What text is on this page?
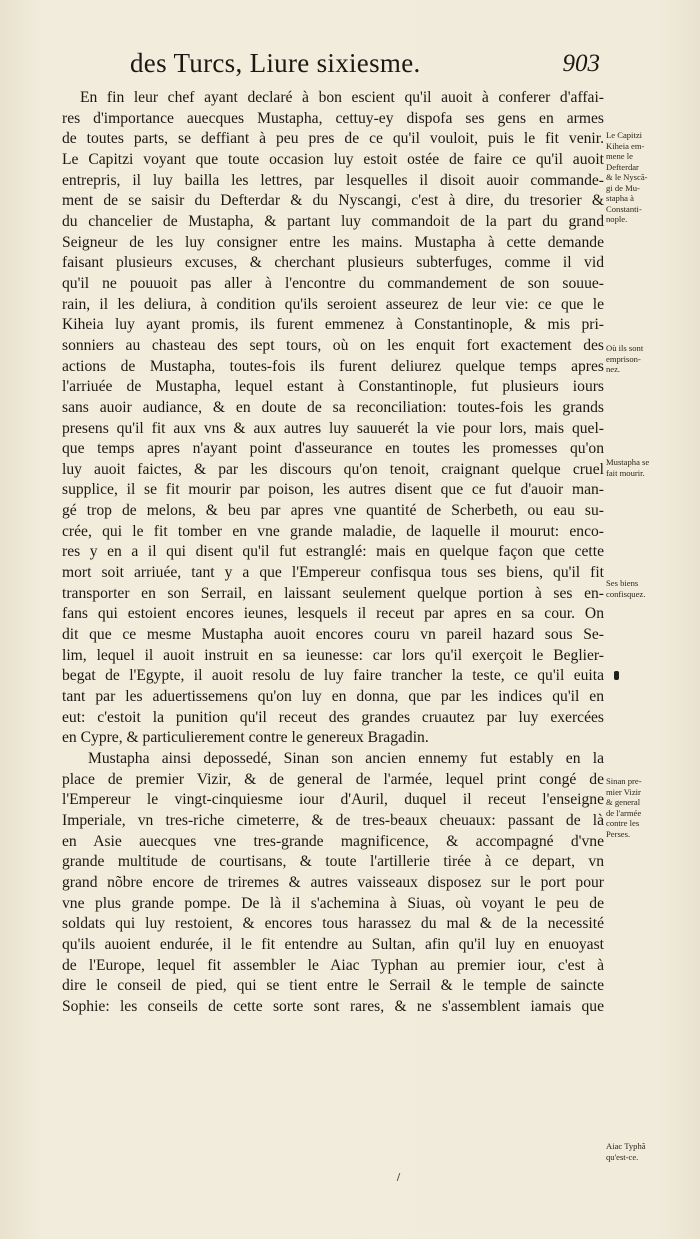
des Turcs, Liure sixiesme.	903
En fin leur chef ayant declaré à bon escient qu'il auoit à conferer d'affai-
res d'importance auecques Mustapha, cettuy-ey dispofa ses gens en armes
de toutes parts, se deffiant à peu pres de ce qu'il vouloit, puis le fit venir.
Le Capitzi voyant que toute occasion luy estoit ostée de faire ce qu'il auoit
entrepris, il luy bailla les lettres, par lesquelles il disoit auoir commande-
ment de se saisir du Defterdar & du Nyscangi, c'est à dire, du tresorier &
du chancelier de Mustapha, & partant luy commandoit de la part du grand
Seigneur de les luy consigner entre les mains. Mustapha à cette demande
faisant plusieurs excuses, & cherchant plusieurs subterfuges, comme il vid
qu'il ne pouuoit pas aller à l'encontre du commandement de son souue-
rain, il les deliura, à condition qu'ils seroient asseurez de leur vie: ce que le
Kiheia luy ayant promis, ils furent emmenez à Constantinople, & mis pri-
sonniers au chasteau des sept tours, où on les enquit fort exactement des
actions de Mustapha, toutes-fois ils furent deliurez quelque temps apres
l'arriuée de Mustapha, lequel estant à Constantinople, fut plusieurs iours
sans auoir audiance, & en doute de sa reconciliation: toutes-fois les grands
presens qu'il fit aux vns & aux autres luy sauuerét la vie pour lors, mais quel-
que temps apres n'ayant point d'asseurance en toutes les promesses qu'on
luy auoit faictes, & par les discours qu'on tenoit, craignant quelque cruel
supplice, il se fit mourir par poison, les autres disent que ce fut d'auoir man-
gé trop de melons, & beu par apres vne quantité de Scherbeth, ou eau su-
crée, qui le fit tomber en vne grande maladie, de laquelle il mourut: enco-
res y en a il qui disent qu'il fut estranglé: mais en quelque façon que cette
mort soit arriuée, tant y a que l'Empereur confisqua tous ses biens, qu'il fit
transporter en son Serrail, en laissant seulement quelque portion à ses en-
fans qui estoient encores ieunes, lesquels il receut par apres en sa cour. On
dit que ce mesme Mustapha auoit encores couru vn pareil hazard sous Se-
lim, lequel il auoit instruit en sa ieunesse: car lors qu'il exerçoit le Beglier-
begat de l'Egypte, il auoit resolu de luy faire trancher la teste, ce qu'il euita
tant par les aduertissemens qu'on luy en donna, que par les indices qu'il en
eut: c'estoit la punition qu'il receut des grandes cruautez par luy exercées
en Cypre, & particulierement contre le genereux Bragadin.
Mustapha ainsi depossedé, Sinan son ancien ennemy fut estably en la
place de premier Vizir, & de general de l'armée, lequel print congé de
l'Empereur le vingt-cinquiesme iour d'Auril, duquel il receut l'enseigne
Imperiale, vn tres-riche cimeterre, & de tres-beaux cheuaux: passant de là
en Asie auecques vne tres-grande magnificence, & accompagné d'vne
grande multitude de courtisans, & toute l'artillerie tirée à ce depart, vn
grand nõbre encore de triremes & autres vaisseaux disposez sur le port pour
vne plus grande pompe. De là il s'achemina à Siuas, où voyant le peu de
soldats qui luy restoient, & encores tous harassez du mal & de la necessité
qu'ils auoient endurée, il le fit entendre au Sultan, afin qu'il luy en enuoyast
de l'Europe, lequel fit assembler le Aiac Typhan au premier iour, c'est à
dire le conseil de pied, qui se tient entre le Serrail & le temple de saincte
Sophie: les conseils de cette sorte sont rares, & ne s'assemblent iamais que
Le Capitzi
Kiheia em-
mene le
Defterdar
& le Nyscã-
gi de Mu-
stapha à
Constanti-
nople.
Où ils sont
emprison-
nez.
Mustapha se
fait mourir.
Ses biens
confisquez.
Sinan pre-
mier Vizir
& general
de l'armée
contre les
Perses.
Aiac Typhã
qu'est-ce.
